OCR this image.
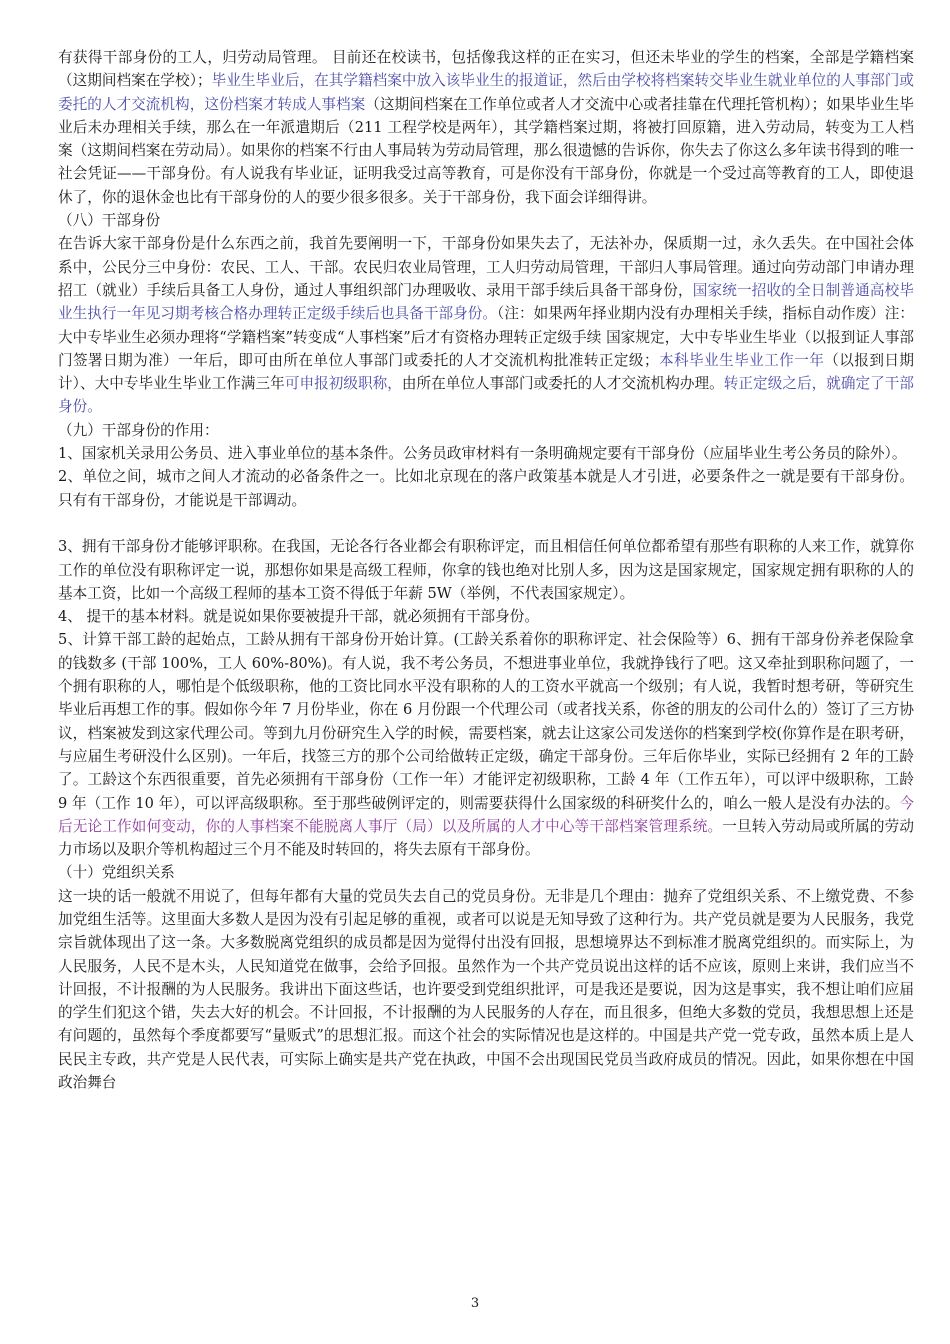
有获得干部身份的工人，归劳动局管理。 目前还在校读书，包括像我这样的正在实习，但还未毕业的学生的档案，全部是学籍档案（这期间档案在学校）；毕业生毕业后，在其学籍档案中放入该毕业生的报道证，然后由学校将档案转交毕业生就业单位的人事部门或委托的人才交流机构，这份档案才转成人事档案（这期间档案在工作单位或者人才交流中心或者挂靠在代理托管机构）；如果毕业生毕业后未办理相关手续，那么在一年派遣期后（211 工程学校是两年），其学籍档案过期，将被打回原籍，进入劳动局，转变为工人档案（这期间档案在劳动局）。如果你的档案不行由人事局转为劳动局管理，那么很遗憾的告诉你，你失去了你这么多年读书得到的唯一社会凭证——干部身份。有人说我有毕业证，证明我受过高等教育，可是你没有干部身份，你就是一个受过高等教育的工人，即使退休了，你的退休金也比有干部身份的人的要少很多很多。关于干部身份，我下面会详细得讲。

（八）干部身份

在告诉大家干部身份是什么东西之前，我首先要阐明一下，干部身份如果失去了，无法补办，保质期一过，永久丢失。在中国社会体系中，公民分三中身份：农民、工人、干部。农民归农业局管理，工人归劳动局管理，干部归人事局管理。通过向劳动部门申请办理招工（就业）手续后具备工人身份，通过人事组织部门办理吸收、录用干部手续后具备干部身份，国家统一招收的全日制普通高校毕业生执行一年见习期考核合格办理转正定级手续后也具备干部身份。（注：如果两年择业期内没有办理相关手续，指标自动作废）注：大中专毕业生必须办理将“学籍档案”转变成“人事档案”后才有资格办理转正定级手续 国家规定，大中专毕业生毕业（以报到证人事部门签署日期为准）一年后，即可由所在单位人事部门或委托的人才交流机构批准转正定级；本科毕业生毕业工作一年（以报到日期计）、大中专毕业生毕业工作满三年可申报初级职称，由所在单位人事部门或委托的人才交流机构办理。转正定级之后，就确定了干部身份。

（九）干部身份的作用：

1、国家机关录用公务员、进入事业单位的基本条件。公务员政审材料有一条明确规定要有干部身份（应届毕业生考公务员的除外）。

2、单位之间，城市之间人才流动的必备条件之一。比如北京现在的落户政策基本就是人才引进，必要条件之一就是要有干部身份。 只有有干部身份，才能说是干部调动。

3、拥有干部身份才能够评职称。在我国，无论各行各业都会有职称评定，而且相信任何单位都希望有那些有职称的人来工作，就算你工作的单位没有职称评定一说，那想你如果是高级工程师，你拿的钱也绝对比别人多，因为这是国家规定，国家规定拥有职称的人的基本工资，比如一个高级工程师的基本工资不得低于年薪 5W（举例，不代表国家规定）。

4、 提干的基本材料。就是说如果你要被提升干部，就必须拥有干部身份。

5、计算干部工龄的起始点，工龄从拥有干部身份开始计算。(工龄关系着你的职称评定、社会保险等）6、拥有干部身份养老保险拿的钱数多 (干部 100%，工人 60%-80%)。有人说，我不考公务员，不想进事业单位，我就挣钱行了吧。这又牵扯到职称问题了，一个拥有职称的人，哪怕是个低级职称，他的工资比同水平没有职称的人的工资水平就高一个级别；有人说，我暂时想考研，等研究生毕业后再想工作的事。假如你今年 7 月份毕业，你在 6 月份跟一个代理公司（或者找关系，你爸的朋友的公司什么的）签订了三方协议，档案被发到这家代理公司。等到九月份研究生入学的时候，需要档案，就去让这家公司发送你的档案到学校(你算作是在职考研，与应届生考研没什么区别)。一年后，找签三方的那个公司给做转正定级，确定干部身份。三年后你毕业，实际已经拥有 2 年的工龄了。工龄这个东西很重要，首先必须拥有干部身份（工作一年）才能评定初级职称，工龄 4 年（工作五年），可以评中级职称，工龄 9 年（工作 10 年），可以评高级职称。至于那些破例评定的，则需要获得什么国家级的科研奖什么的，咱么一般人是没有办法的。今后无论工作如何变动，你的人事档案不能脱离人事厅（局）以及所属的人才中心等干部档案管理系统。一旦转入劳动局或所属的劳动力市场以及职介等机构超过三个月不能及时转回的，将失去原有干部身份。

（十）党组织关系

这一块的话一般就不用说了，但每年都有大量的党员失去自己的党员身份。无非是几个理由：抛弃了党组织关系、不上缴党费、不参加党组生活等。这里面大多数人是因为没有引起足够的重视，或者可以说是无知导致了这种行为。共产党员就是要为人民服务，我党宗旨就体现出了这一条。大多数脱离党组织的成员都是因为觉得付出没有回报，思想境界达不到标准才脱离党组织的。而实际上，为人民服务，人民不是木头，人民知道党在做事，会给予回报。虽然作为一个共产党员说出这样的话不应该，原则上来讲，我们应当不计回报，不计报酬的为人民服务。我讲出下面这些话，也许要受到党组织批评，可是我还是要说，因为这是事实，我不想让咱们应届的学生们犯这个错，失去大好的机会。不计回报，不计报酬的为人民服务的人存在，而且很多，但绝大多数的党员，我想思想上还是有问题的，虽然每个季度都要写“量贩式”的思想汇报。而这个社会的实际情况也是这样的。中国是共产党一党专政，虽然本质上是人民民主专政，共产党是人民代表，可实际上确实是共产党在执政，中国不会出现国民党员当政府成员的情况。因此，如果你想在中国政治舞台

3
